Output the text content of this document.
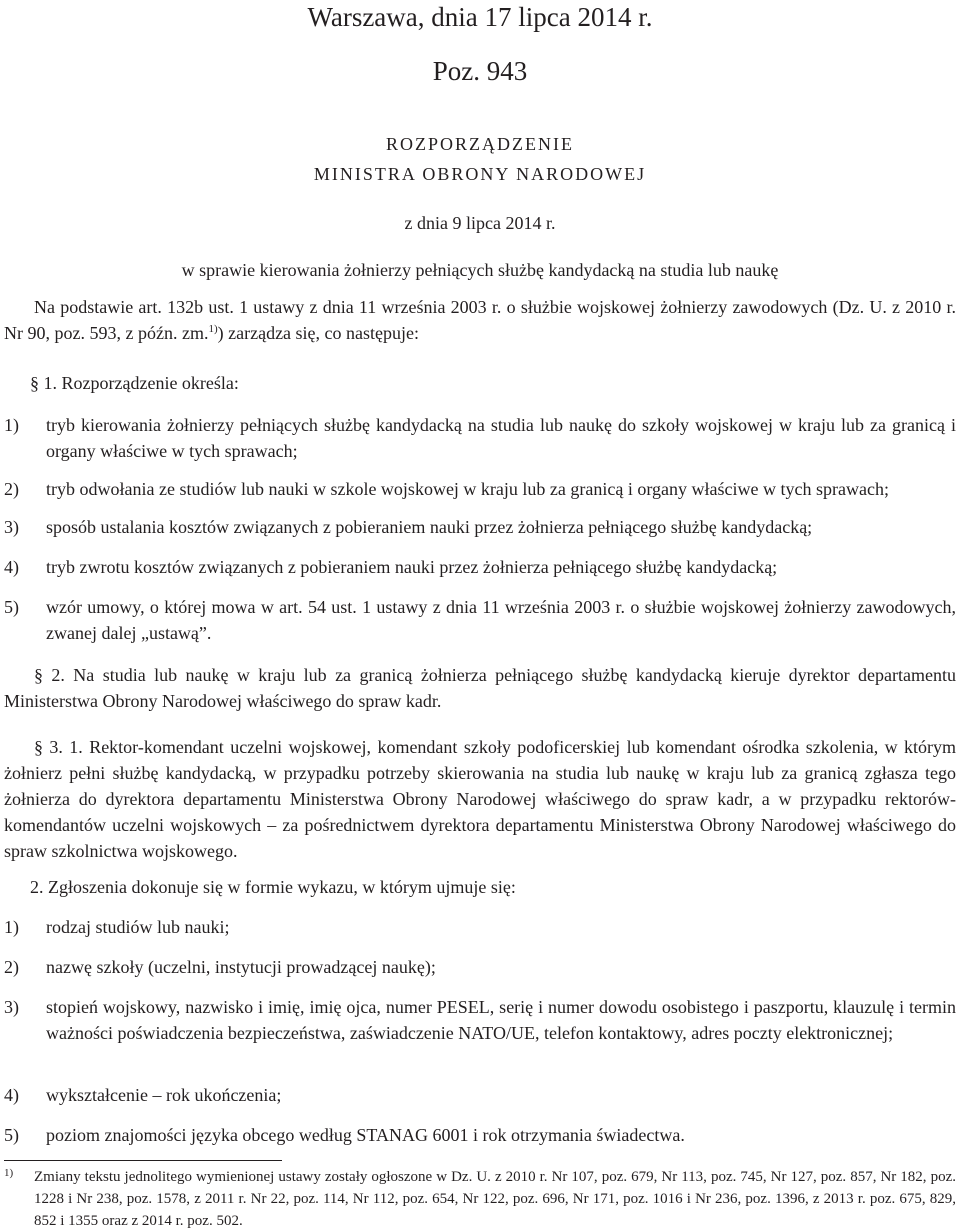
Warszawa, dnia 17 lipca 2014 r.
Poz. 943
ROZPORZĄDZENIE
MINISTRA OBRONY NARODOWEJ
z dnia 9 lipca 2014 r.
w sprawie kierowania żołnierzy pełniących służbę kandydacką na studia lub naukę
Na podstawie art. 132b ust. 1 ustawy z dnia 11 września 2003 r. o służbie wojskowej żołnierzy zawodowych (Dz. U. z 2010 r. Nr 90, poz. 593, z późn. zm.$^{1)}$) zarządza się, co następuje:
§ 1. Rozporządzenie określa:
1) tryb kierowania żołnierzy pełniących służbę kandydacką na studia lub naukę do szkoły wojskowej w kraju lub za granicą i organy właściwe w tych sprawach;
2) tryb odwołania ze studiów lub nauki w szkole wojskowej w kraju lub za granicą i organy właściwe w tych sprawach;
3) sposób ustalania kosztów związanych z pobieraniem nauki przez żołnierza pełniącego służbę kandydacką;
4) tryb zwrotu kosztów związanych z pobieraniem nauki przez żołnierza pełniącego służbę kandydacką;
5) wzór umowy, o której mowa w art. 54 ust. 1 ustawy z dnia 11 września 2003 r. o służbie wojskowej żołnierzy zawodowych, zwanej dalej „ustawą”.
§ 2. Na studia lub naukę w kraju lub za granicą żołnierza pełniącego służbę kandydacką kieruje dyrektor departamentu Ministerstwa Obrony Narodowej właściwego do spraw kadr.
§ 3. 1. Rektor-komendant uczelni wojskowej, komendant szkoły podoficerskiej lub komendant ośrodka szkolenia, w którym żołnierz pełni służbę kandydacką, w przypadku potrzeby skierowania na studia lub naukę w kraju lub za granicą zgłasza tego żołnierza do dyrektora departamentu Ministerstwa Obrony Narodowej właściwego do spraw kadr, a w przypadku rektorów-komendantów uczelni wojskowych – za pośrednictwem dyrektora departamentu Ministerstwa Obrony Narodowej właściwego do spraw szkolnictwa wojskowego.
2. Zgłoszenia dokonuje się w formie wykazu, w którym ujmuje się:
1) rodzaj studiów lub nauki;
2) nazwę szkoły (uczelni, instytucji prowadzącej naukę);
3) stopień wojskowy, nazwisko i imię, imię ojca, numer PESEL, serię i numer dowodu osobistego i paszportu, klauzulę i termin ważności poświadczenia bezpieczeństwa, zaświadczenie NATO/UE, telefon kontaktowy, adres poczty elektronicznej;
4) wykształcenie – rok ukończenia;
5) poziom znajomości języka obcego według STANAG 6001 i rok otrzymania świadectwa.
1) Zmiany tekstu jednolitego wymienionej ustawy zostały ogłoszone w Dz. U. z 2010 r. Nr 107, poz. 679, Nr 113, poz. 745, Nr 127, poz. 857, Nr 182, poz. 1228 i Nr 238, poz. 1578, z 2011 r. Nr 22, poz. 114, Nr 112, poz. 654, Nr 122, poz. 696, Nr 171, poz. 1016 i Nr 236, poz. 1396, z 2013 r. poz. 675, 829, 852 i 1355 oraz z 2014 r. poz. 502.
